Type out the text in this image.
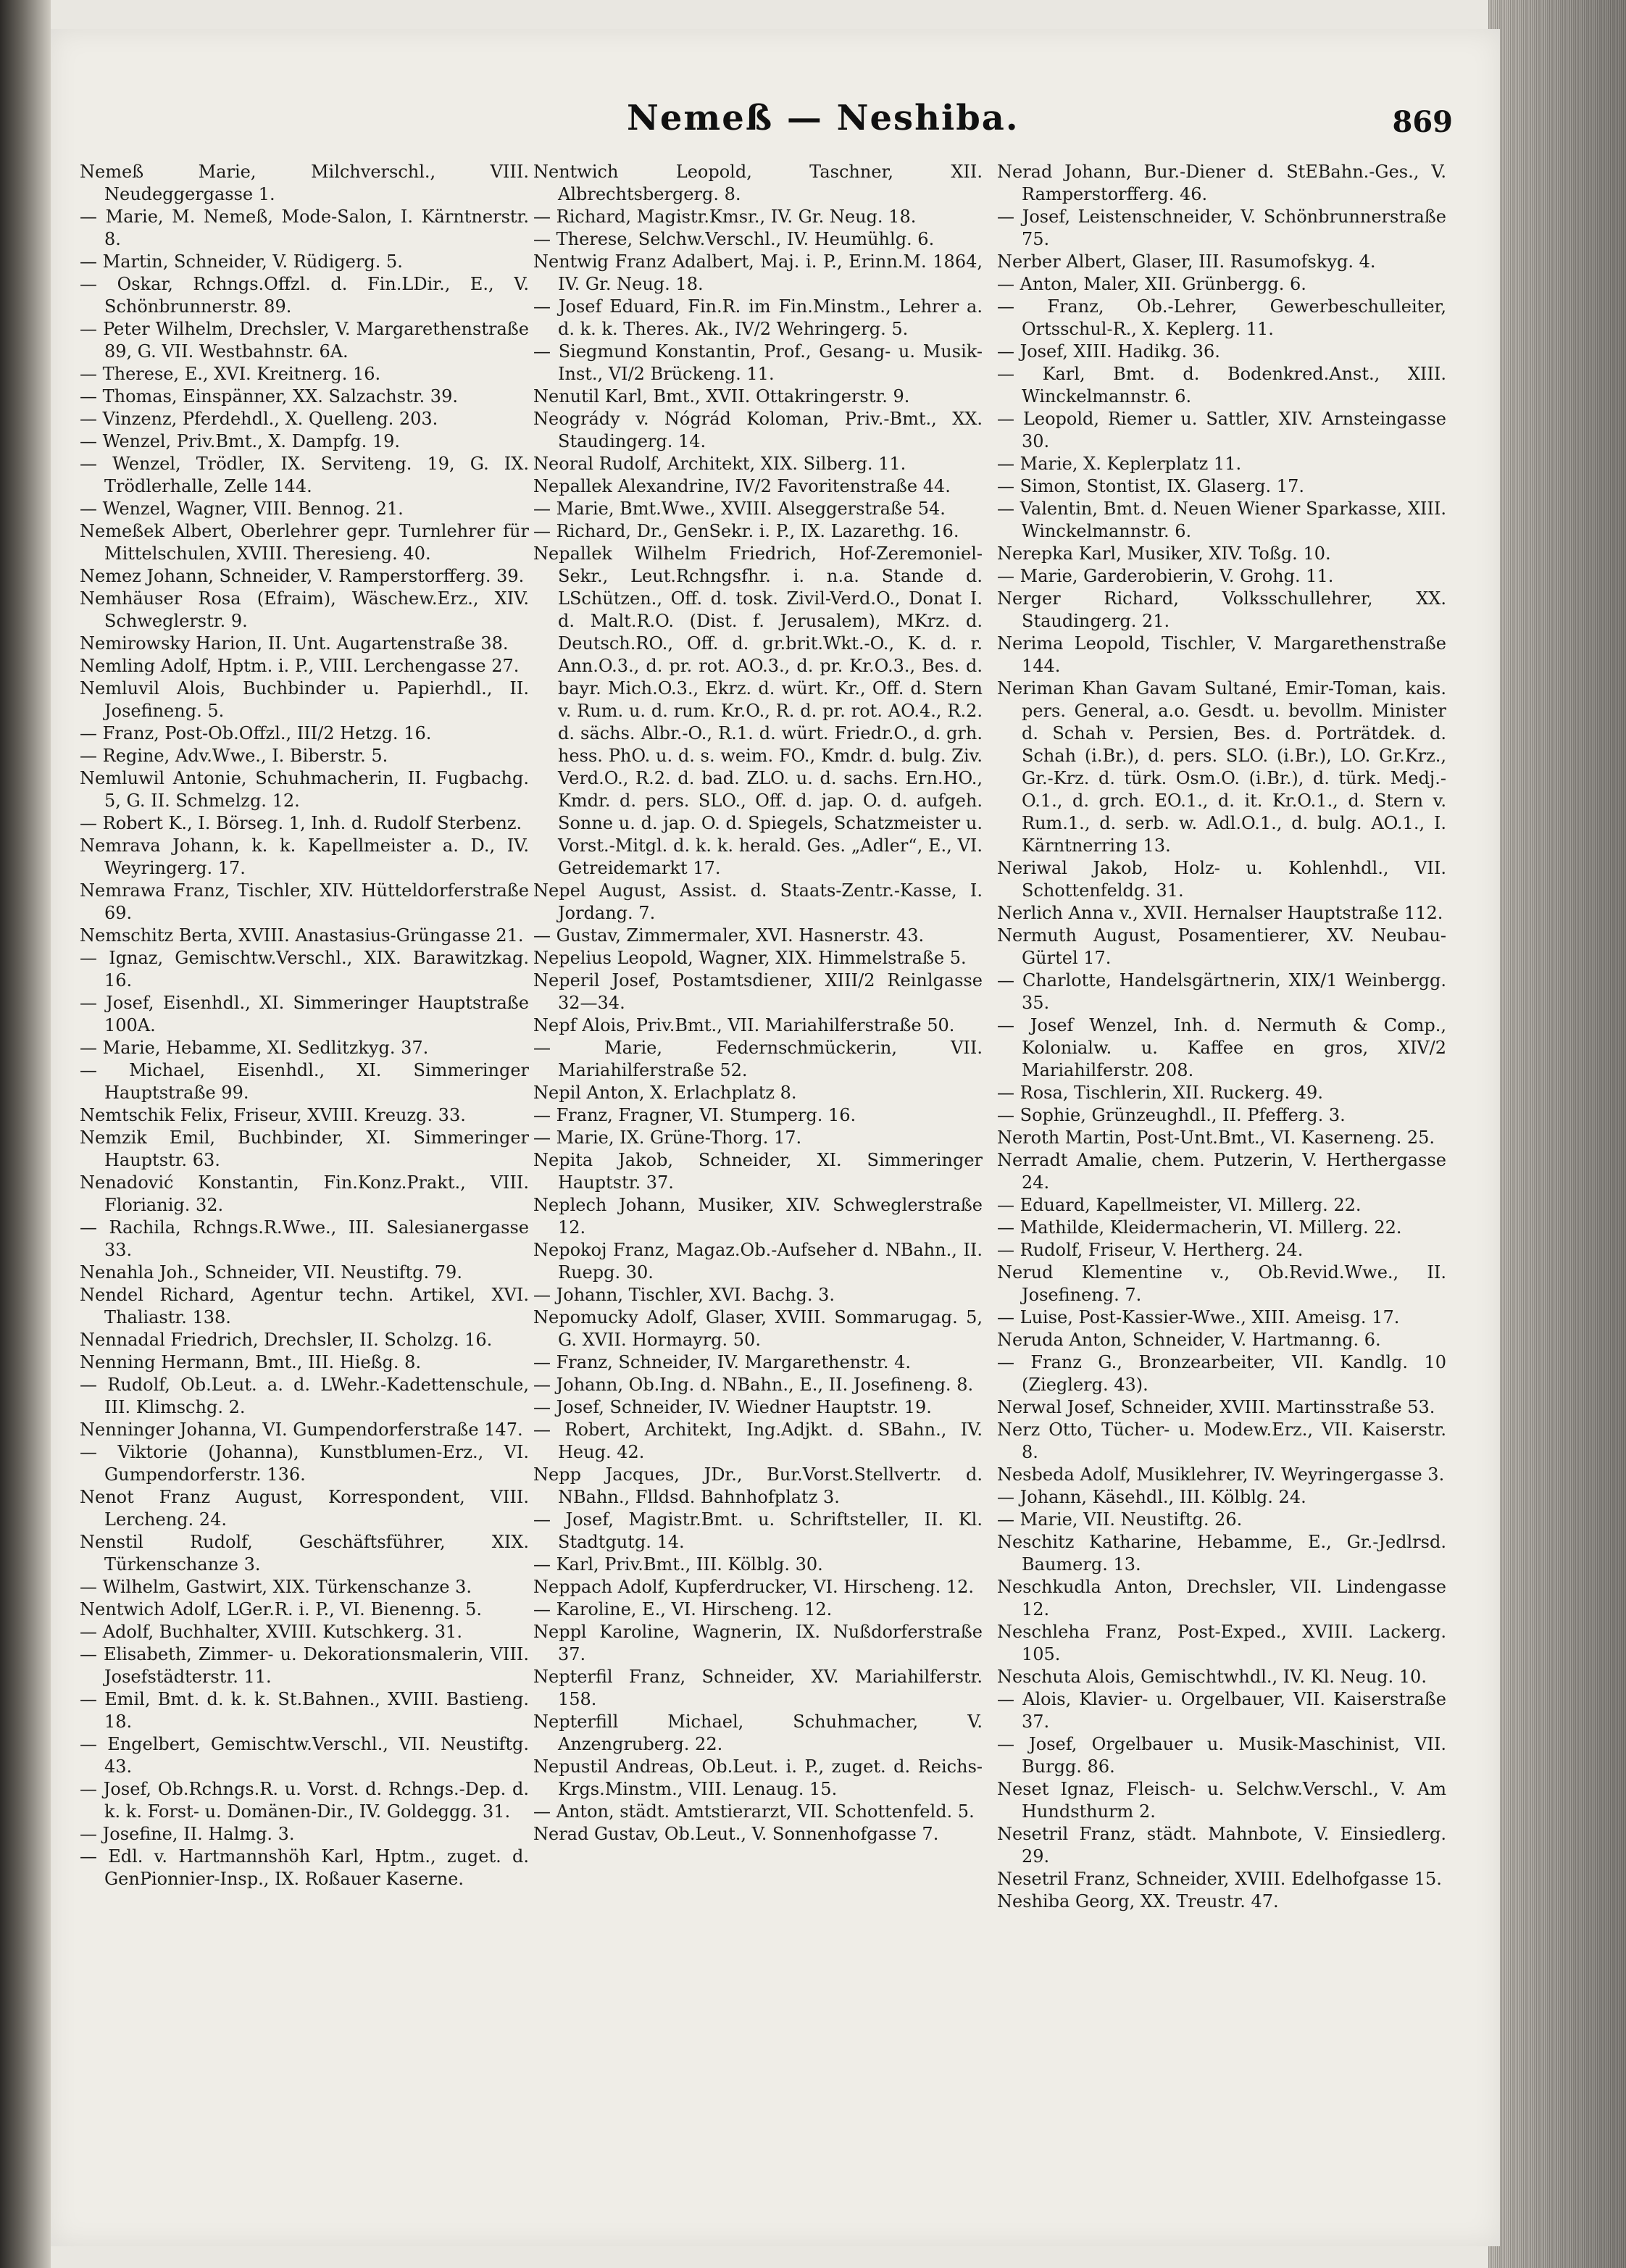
Nemeß — Neshiba.	869

Nemeß Marie, Milchverschl., VIII. Neudeggergasse 1.

— Marie, M. Nemeß, Mode-Salon, I. Kärntnerstr. 8.

— Martin, Schneider, V. Rüdigerg. 5.

— Oskar, Rchngs.Offzl. d. Fin.LDir., E., V. Schönbrunnerstr. 89.

— Peter Wilhelm, Drechsler, V. Margarethenstraße 89, G. VII. Westbahnstr. 6A.

— Therese, E., XVI. Kreitnerg. 16.

— Thomas, Einspänner, XX. Salzachstr. 39.

— Vinzenz, Pferdehdl., X. Quelleng. 203.

— Wenzel, Priv.Bmt., X. Dampfg. 19.

— Wenzel, Trödler, IX. Servitеng. 19, G. IX. Trödlerhalle, Zelle 144.

— Wenzel, Wagner, VIII. Bennog. 21.

Nemeßek Albert, Oberlehrer gepr. Turnlehrer für Mittelschulen, XVIII. Theresieng. 40.

Nemez Johann, Schneider, V. Ramperstorfferg. 39.

Nemhäuser Rosa (Efraim), Wäschew.Erz., XIV. Schweglerstr. 9.

Nemirowsky Harion, II. Unt. Augartenstraße 38.

Nemling Adolf, Hptm. i. P., VIII. Lerchengasse 27.

Nemluvil Alois, Buchbinder u. Papierhdl., II. Josefineng. 5.

— Franz, Post-Ob.Offzl., III/2 Hetzg. 16.

— Regine, Adv.Wwe., I. Biberstr. 5.

Nemluwil Antonie, Schuhmacherin, II. Fugbachg. 5, G. II. Schmelzg. 12.

— Robert K., I. Börseg. 1, Inh. d. Rudolf Sterbenz.

Nemrava Johann, k. k. Kapellmeister a. D., IV. Weyringerg. 17.

Nemrawa Franz, Tischler, XIV. Hütteldorferstraße 69.

Nemschitz Berta, XVIII. Anastasius-Grüngasse 21.

— Ignaz, Gemischtw.Verschl., XIX. Barawitzkag. 16.

— Josef, Eisenhdl., XI. Simmeringer Hauptstraße 100A.

— Marie, Hebamme, XI. Sedlitzkyg. 37.

— Michael, Eisenhdl., XI. Simmeringer Hauptstraße 99.

Nemtschik Felix, Friseur, XVIII. Kreuzg. 33.

Nemzik Emil, Buchbinder, XI. Simmeringer Hauptstr. 63.

Nenadović Konstantin, Fin.Konz.Prakt., VIII. Florianig. 32.

— Rachila, Rchngs.R.Wwe., III. Salesianergasse 33.

Nenahla Joh., Schneider, VII. Neustiftg. 79.

Nendel Richard, Agentur techn. Artikel, XVI. Thaliastr. 138.

Nennadal Friedrich, Drechsler, II. Scholzg. 16.

Nenning Hermann, Bmt., III. Hießg. 8.

— Rudolf, Ob.Leut. a. d. LWehr.-Kadettenschule, III. Klimschg. 2.

Nenninger Johanna, VI. Gumpendorferstraße 147.

— Viktorie (Johanna), Kunstblumen-Erz., VI. Gumpendorferstr. 136.

Nenot Franz August, Korrespondent, VIII. Lercheng. 24.

Nenstil Rudolf, Geschäftsführer, XIX. Türkenschanze 3.

— Wilhelm, Gastwirt, XIX. Türkenschanze 3.

Nentwich Adolf, LGer.R. i. P., VI. Bienenng. 5.

— Adolf, Buchhalter, XVIII. Kutschkerg. 31.

— Elisabeth, Zimmer- u. Dekorationsmalerin, VIII. Josefstädterstr. 11.

— Emil, Bmt. d. k. k. St.Bahnen., XVIII. Bastieng. 18.

— Engelbert, Gemischtw.Verschl., VII. Neustiftg. 43.

— Josef, Ob.Rchngs.R. u. Vorst. d. Rchngs.-Dep. d. k. k. Forst- u. Domänen-Dir., IV. Goldeggg. 31.

— Josefine, II. Halmg. 3.

— Edl. v. Hartmannshöh Karl, Hptm., zuget. d. GenPionnier-Insp., IX. Roßauer Kaserne.

Nentwich Leopold, Taschner, XII. Albrechtsbergerg. 8.

— Richard, Magistr.Kmsr., IV. Gr. Neug. 18.

— Therese, Selchw.Verschl., IV. Heumühlg. 6.

Nentwig Franz Adalbert, Maj. i. P., Erinn.M. 1864, IV. Gr. Neug. 18.

— Josef Eduard, Fin.R. im Fin.Minstm., Lehrer a. d. k. k. Theres. Ak., IV/2 Wehringerg. 5.

— Siegmund Konstantin, Prof., Gesang- u. Musik-Inst., VI/2 Brückeng. 11.

Nenutil Karl, Bmt., XVII. Ottakringerstr. 9.

Neogrády v. Nógrád Koloman, Priv.-Bmt., XX. Staudingerg. 14.

Neoral Rudolf, Architekt, XIX. Silberg. 11.

Nepallek Alexandrine, IV/2 Favoritenstraße 44.

— Marie, Bmt.Wwe., XVIII. Alseggerstraße 54.

— Richard, Dr., GenSekr. i. P., IX. Lazarethg. 16.

Nepallek Wilhelm Friedrich, Hof-Zeremoniel-Sekr., Leut.Rchngsfhr. i. n.a. Stande d. LSchützen., Off. d. tosk. Zivil-Verd.O., Donat I. d. Malt.R.O. (Dist. f. Jerusalem), MKrz. d. Deutsch.RO., Off. d. gr.brit.Wkt.-O., K. d. r. Ann.O.3., d. pr. rot. AO.3., d. pr. Kr.O.3., Bes. d. bayr. Mich.O.3., Ekrz. d. würt. Kr., Off. d. Stern v. Rum. u. d. rum. Kr.O., R. d. pr. rot. AO.4., R.2. d. sächs. Albr.-O., R.1. d. würt. Friedr.O., d. grh. hess. PhO. u. d. s. weim. FO., Kmdr. d. bulg. Ziv. Verd.O., R.2. d. bad. ZLO. u. d. sachs. Ern.HO., Kmdr. d. pers. SLO., Off. d. jap. O. d. aufgeh. Sonne u. d. jap. O. d. Spiegels, Schatzmeister u. Vorst.-Mitgl. d. k. k. herald. Ges. „Adler“, E., VI. Getreidemarkt 17.

Nepel August, Assist. d. Staats-Zentr.-Kasse, I. Jordang. 7.

— Gustav, Zimmermaler, XVI. Hasnerstr. 43.

Nepelius Leopold, Wagner, XIX. Himmelstraße 5.

Neperil Josef, Postamtsdiener, XIII/2 Reinlgasse 32—34.

Nepf Alois, Priv.Bmt., VII. Mariahilferstraße 50.

— Marie, Federnschmückerin, VII. Mariahilferstraße 52.

Nepil Anton, X. Erlachplatz 8.

— Franz, Fragner, VI. Stumperg. 16.

— Marie, IX. Grüne-Thorg. 17.

Nepita Jakob, Schneider, XI. Simmeringer Hauptstr. 37.

Neplech Johann, Musiker, XIV. Schweglerstraße 12.

Nepokoj Franz, Magaz.Ob.-Aufseher d. NBahn., II. Ruepg. 30.

— Johann, Tischler, XVI. Bachg. 3.

Nepomucky Adolf, Glaser, XVIII. Sommarugag. 5, G. XVII. Hormayrg. 50.

— Franz, Schneider, IV. Margarethenstr. 4.

— Johann, Ob.Ing. d. NBahn., E., II. Josefineng. 8.

— Josef, Schneider, IV. Wiedner Hauptstr. 19.

— Robert, Architekt, Ing.Adjkt. d. SBahn., IV. Heug. 42.

Nepp Jacques, JDr., Bur.Vorst.Stellvertr. d. NBahn., Flldsd. Bahnhofplatz 3.

— Josef, Magistr.Bmt. u. Schriftsteller, II. Kl. Stadtgutg. 14.

— Karl, Priv.Bmt., III. Kölblg. 30.

Neppach Adolf, Kupferdrucker, VI. Hirscheng. 12.

— Karoline, E., VI. Hirscheng. 12.

Neppl Karoline, Wagnerin, IX. Nußdorferstraße 37.

Nepterfil Franz, Schneider, XV. Mariahilferstr. 158.

Nepterfill Michael, Schuhmacher, V. Anzengrubеrg. 22.

Nepustil Andreas, Ob.Leut. i. P., zuget. d. Reichs-Krgs.Minstm., VIII. Lenaug. 15.

— Anton, städt. Amtstierarzt, VII. Schottenfeld. 5.

Nerad Gustav, Ob.Leut., V. Sonnenhofgasse 7.

Nerad Johann, Bur.-Diener d. StEBahn.-Ges., V. Ramperstorfferg. 46.

— Josef, Leistenschneider, V. Schönbrunnerstraße 75.

Nerber Albert, Glaser, III. Rasumofskyg. 4.

— Anton, Maler, XII. Grünbergg. 6.

— Franz, Ob.-Lehrer, Gewerbeschulleiter, Ortsschul-R., X. Keplerg. 11.

— Josef, XIII. Hadikg. 36.

— Karl, Bmt. d. Bodenkred.Anst., XIII. Winckelmannstr. 6.

— Leopold, Riemer u. Sattler, XIV. Arnsteingasse 30.

— Marie, X. Keplerplatz 11.

— Simon, Stontist, IX. Glaserg. 17.

— Valentin, Bmt. d. Neuen Wiener Sparkasse, XIII. Winckelmannstr. 6.

Nerepka Karl, Musiker, XIV. Toßg. 10.

— Marie, Garderobierin, V. Grohg. 11.

Nerger Richard, Volksschullehrer, XX. Staudingerg. 21.

Nerima Leopold, Tischler, V. Margarethenstraße 144.

Neriman Khan Gavam Sultané, Emir-Toman, kais. pers. General, a.o. Gesdt. u. bevollm. Minister d. Schah v. Persien, Bes. d. Porträtdek. d. Schah (i.Br.), d. pers. SLO. (i.Br.), LO. Gr.Krz., Gr.-Krz. d. türk. Osm.O. (i.Br.), d. türk. Medj.-O.1., d. grch. EO.1., d. it. Kr.O.1., d. Stern v. Rum.1., d. serb. w. Adl.O.1., d. bulg. AO.1., I. Kärntnerring 13.

Neriwal Jakob, Holz- u. Kohlenhdl., VII. Schottenfeldg. 31.

Nerlich Anna v., XVII. Hernalser Hauptstraße 112.

Nermuth August, Posamentierer, XV. Neubau-Gürtel 17.

— Charlotte, Handelsgärtnerin, XIX/1 Weinbergg. 35.

— Josef Wenzel, Inh. d. Nermuth & Comp., Kolonialw. u. Kaffee en gros, XIV/2 Mariahilferstr. 208.

— Rosa, Tischlerin, XII. Ruckerg. 49.

— Sophie, Grünzeughdl., II. Pfefferg. 3.

Neroth Martin, Post-Unt.Bmt., VI. Kaserneng. 25.

Nerradt Amalie, chem. Putzerin, V. Herthergasse 24.

— Eduard, Kapellmeister, VI. Millerg. 22.

— Mathilde, Kleidermacherin, VI. Millerg. 22.

— Rudolf, Friseur, V. Hertherg. 24.

Nerud Klementine v., Ob.Revid.Wwe., II. Josefineng. 7.

— Luise, Post-Kassier-Wwe., XIII. Ameisg. 17.

Neruda Anton, Schneider, V. Hartmanng. 6.

— Franz G., Bronzearbeiter, VII. Kandlg. 10 (Zieglerg. 43).

Nerwal Josef, Schneider, XVIII. Martinsstraße 53.

Nerz Otto, Tücher- u. Modew.Erz., VII. Kaiserstr. 8.

Nesbeda Adolf, Musiklehrer, IV. Weyringergasse 3.

— Johann, Käsehdl., III. Kölblg. 24.

— Marie, VII. Neustiftg. 26.

Neschitz Katharine, Hebamme, E., Gr.-Jedlrsd. Baumerg. 13.

Neschkudla Anton, Drechsler, VII. Lindengasse 12.

Neschleha Franz, Post-Exped., XVIII. Lackerg. 105.

Neschuta Alois, Gemischtwhdl., IV. Kl. Neug. 10.

— Alois, Klavier- u. Orgelbauer, VII. Kaiserstraße 37.

— Josef, Orgelbauer u. Musik-Maschinist, VII. Burgg. 86.

Neset Ignaz, Fleisch- u. Selchw.Verschl., V. Am Hundsthurm 2.

Nesetril Franz, städt. Mahnbote, V. Einsiedlerg. 29.

Nesetril Franz, Schneider, XVIII. Edelhofgasse 15.

Neshiba Georg, XX. Treustr. 47.
